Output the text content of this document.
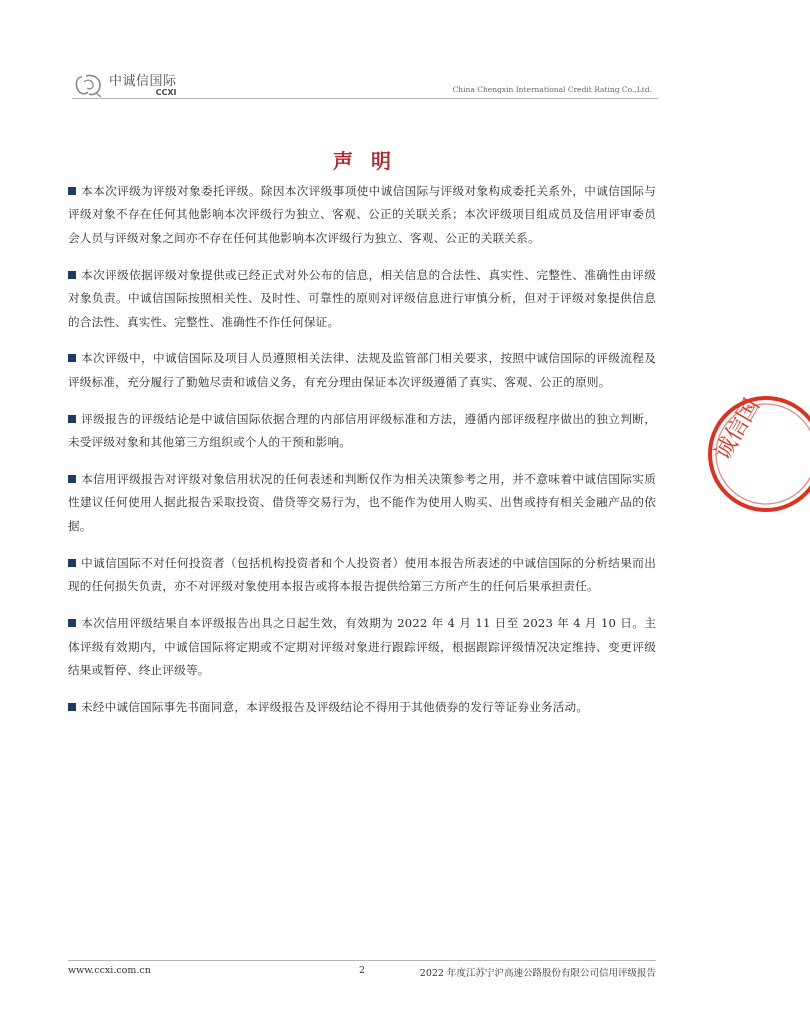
中诚信国际
CCXI	China Chengxin International Credit Rating Co.,Ltd.
声明

本本次评级为评级对象委托评级。除因本次评级事项使中诚信国际与评级对象构成委托关系外，中诚信国际与评级对象不存在任何其他影响本次评级行为独立、客观、公正的关联关系；本次评级项目组成员及信用评审委员会人员与评级对象之间亦不存在任何其他影响本次评级行为独立、客观、公正的关联关系。

本次评级依据评级对象提供或已经正式对外公布的信息，相关信息的合法性、真实性、完整性、准确性由评级对象负责。中诚信国际按照相关性、及时性、可靠性的原则对评级信息进行审慎分析，但对于评级对象提供信息的合法性、真实性、完整性、准确性不作任何保证。

本次评级中，中诚信国际及项目人员遵照相关法律、法规及监管部门相关要求，按照中诚信国际的评级流程及评级标准，充分履行了勤勉尽责和诚信义务，有充分理由保证本次评级遵循了真实、客观、公正的原则。

评级报告的评级结论是中诚信国际依据合理的内部信用评级标准和方法，遵循内部评级程序做出的独立判断，未受评级对象和其他第三方组织或个人的干预和影响。

本信用评级报告对评级对象信用状况的任何表述和判断仅作为相关决策参考之用，并不意味着中诚信国际实质性建议任何使用人据此报告采取投资、借贷等交易行为，也不能作为使用人购买、出售或持有相关金融产品的依据。

中诚信国际不对任何投资者（包括机构投资者和个人投资者）使用本报告所表述的中诚信国际的分析结果而出现的任何损失负责，亦不对评级对象使用本报告或将本报告提供给第三方所产生的任何后果承担责任。

本次信用评级结果自本评级报告出具之日起生效，有效期为 2022 年 4 月 11 日至 2023 年 4 月 10 日。主体评级有效期内，中诚信国际将定期或不定期对评级对象进行跟踪评级，根据跟踪评级情况决定维持、变更评级结果或暂停、终止评级等。

未经中诚信国际事先书面同意，本评级报告及评级结论不得用于其他债券的发行等证券业务活动。

诚信国
www.ccxi.com.cn	2	2022 年度江苏宁沪高速公路股份有限公司信用评级报告
